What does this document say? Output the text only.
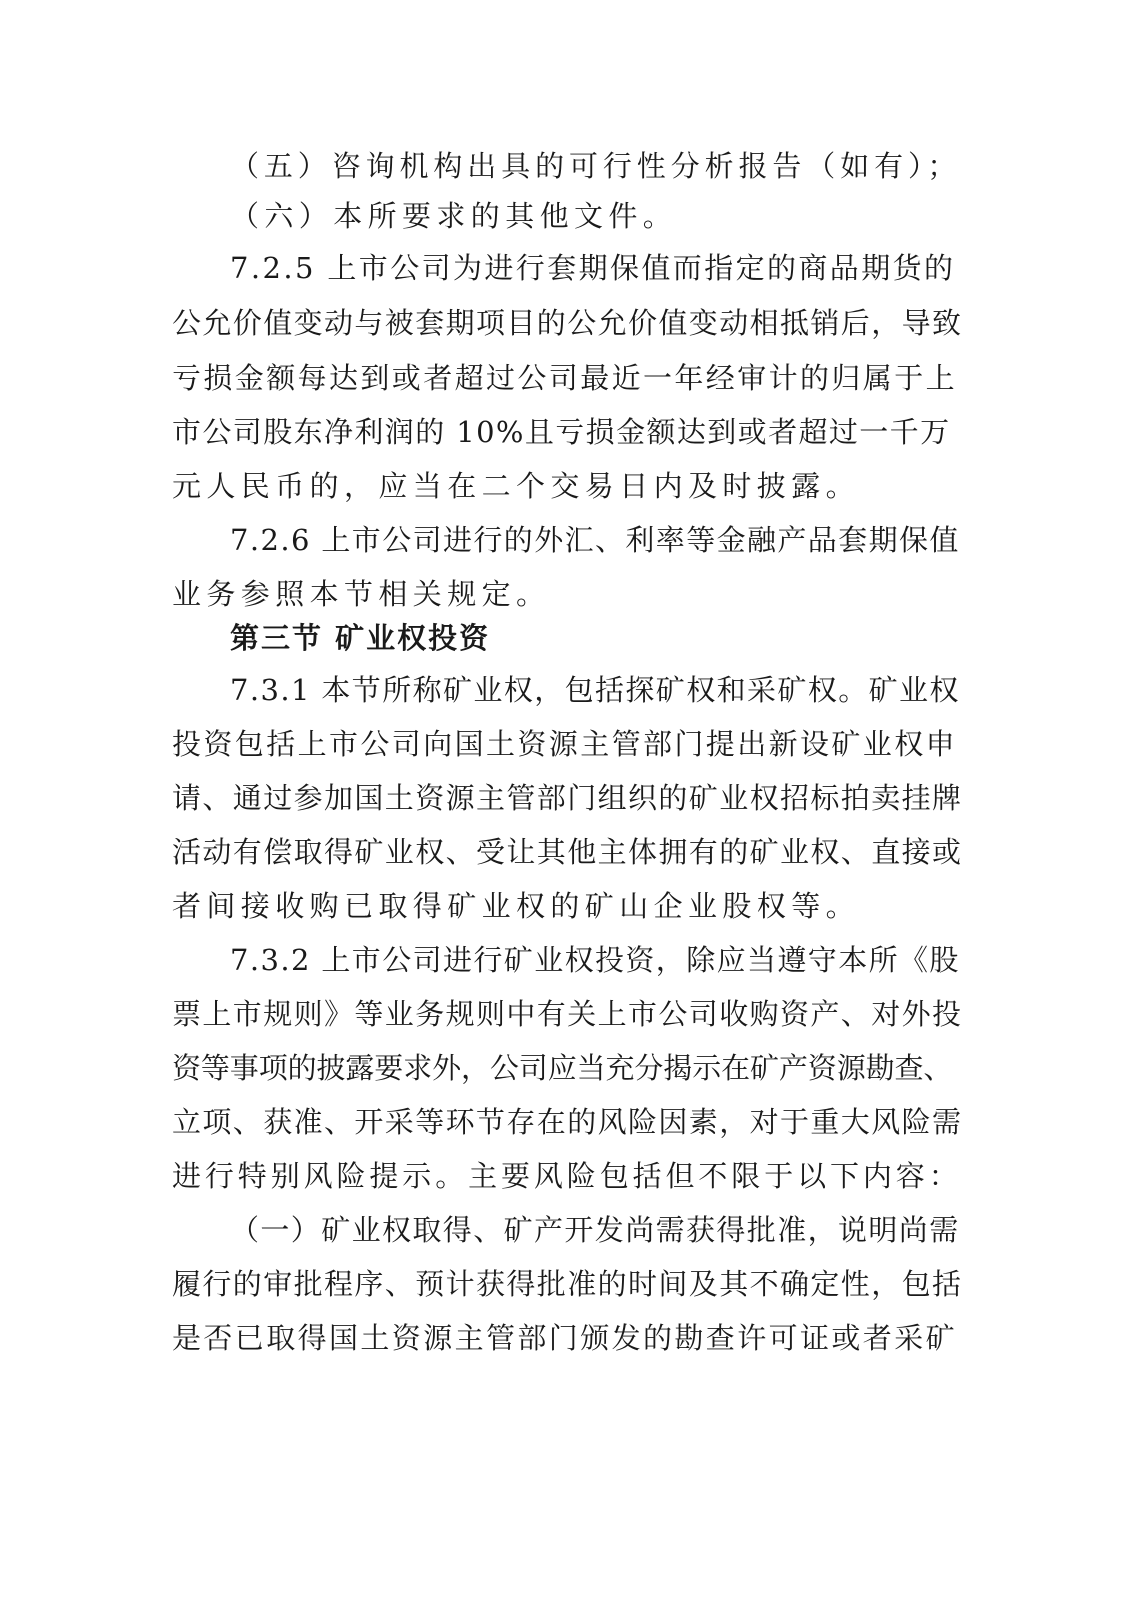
（五）咨询机构出具的可行性分析报告（如有）；
（六）本所要求的其他文件。
7.2.5 上市公司为进行套期保值而指定的商品期货的
公允价值变动与被套期项目的公允价值变动相抵销后，导致
亏损金额每达到或者超过公司最近一年经审计的归属于上
市公司股东净利润的 10%且亏损金额达到或者超过一千万
元人民币的，应当在二个交易日内及时披露。
7.2.6 上市公司进行的外汇、利率等金融产品套期保值
业务参照本节相关规定。
第三节 矿业权投资
7.3.1 本节所称矿业权，包括探矿权和采矿权。矿业权
投资包括上市公司向国土资源主管部门提出新设矿业权申
请、通过参加国土资源主管部门组织的矿业权招标拍卖挂牌
活动有偿取得矿业权、受让其他主体拥有的矿业权、直接或
者间接收购已取得矿业权的矿山企业股权等。
7.3.2 上市公司进行矿业权投资，除应当遵守本所《股
票上市规则》等业务规则中有关上市公司收购资产、对外投
资等事项的披露要求外，公司应当充分揭示在矿产资源勘查、
立项、获准、开采等环节存在的风险因素，对于重大风险需
进行特别风险提示。主要风险包括但不限于以下内容：
（一）矿业权取得、矿产开发尚需获得批准，说明尚需
履行的审批程序、预计获得批准的时间及其不确定性，包括
是否已取得国土资源主管部门颁发的勘查许可证或者采矿
